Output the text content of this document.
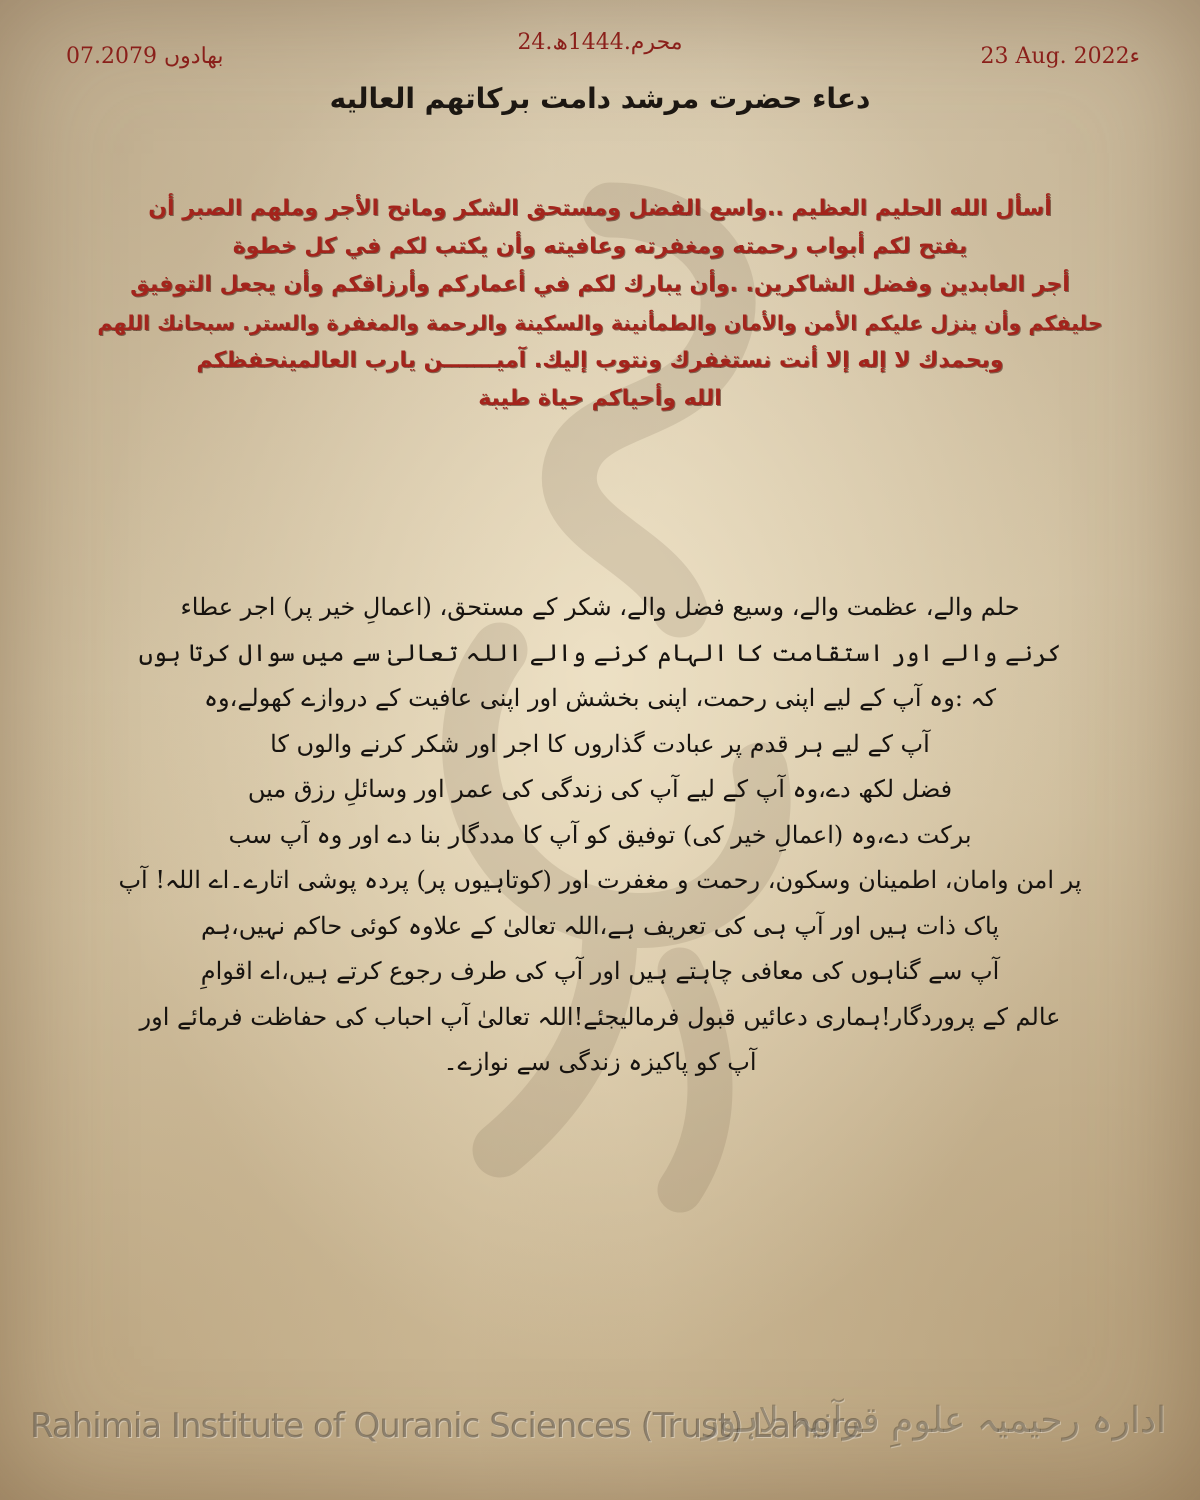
07.بھادوں 2079
24.محرم.1444ھ
23 Aug. 2022ء
دعاء حضرت مرشد دامت برکاتهم العاليه
أسأل الله الحليم العظيم ..واسع الفضل ومستحق الشكر ومانح الأجر وملهم الصبر أن
يفتح لكم أبواب رحمته ومغفرته وعافيته وأن يكتب لكم في كل خطوة
أجر العابدين وفضل الشاكرين. .وأن يبارك لكم في أعماركم وأرزاقكم وأن يجعل التوفيق
حليفكم وأن ينزل عليكم الأمن والأمان والطمأنينة والسكينة والرحمة والمغفرة والستر. سبحانك اللهم
وبحمدك لا إله إلا أنت نستغفرك ونتوب إليك. آميـــــــن يارب العالمينحفظكم
الله وأحياكم حياة طيبة
حلم والے، عظمت والے، وسیع فضل والے، شکر کے مستحق، (اعمالِ خیر پر) اجر عطاء
کرنے والے اور استقامت کا الہام کرنے والے اللہ تعالیٰ سے میں سوال کرتا ہوں
کہ :وہ آپ کے لیے اپنی رحمت، اپنی بخشش اور اپنی عافیت کے دروازے کھولے،وہ
آپ کے لیے ہر قدم پر عبادت گذاروں کا اجر اور شکر کرنے والوں کا
فضل لکھ دے،وہ آپ کے لیے آپ کی زندگی کی عمر اور وسائلِ رزق میں
برکت دے،وہ (اعمالِ خیر کی) توفیق کو آپ کا مددگار بنا دے اور وہ آپ سب
پر امن وامان، اطمینان وسکون، رحمت و مغفرت اور (کوتاہیوں پر) پردہ پوشی اتارے۔اے اللہ! آپ
پاک ذات ہیں اور آپ ہی کی تعریف ہے،اللہ تعالیٰ کے علاوہ کوئی حاکم نہیں،ہم
آپ سے گناہوں کی معافی چاہتے ہیں اور آپ کی طرف رجوع کرتے ہیں،اے اقوامِ
عالم کے پروردگار!ہماری دعائیں قبول فرمالیجئے!اللہ تعالیٰ آپ احباب کی حفاظت فرمائے اور
آپ کو پاکیزہ زندگی سے نوازے۔
Rahimia Institute of Quranic Sciences (Trust) Lahore
ادارہ رحیمیہ علومِ قرآنیہ لاہور
